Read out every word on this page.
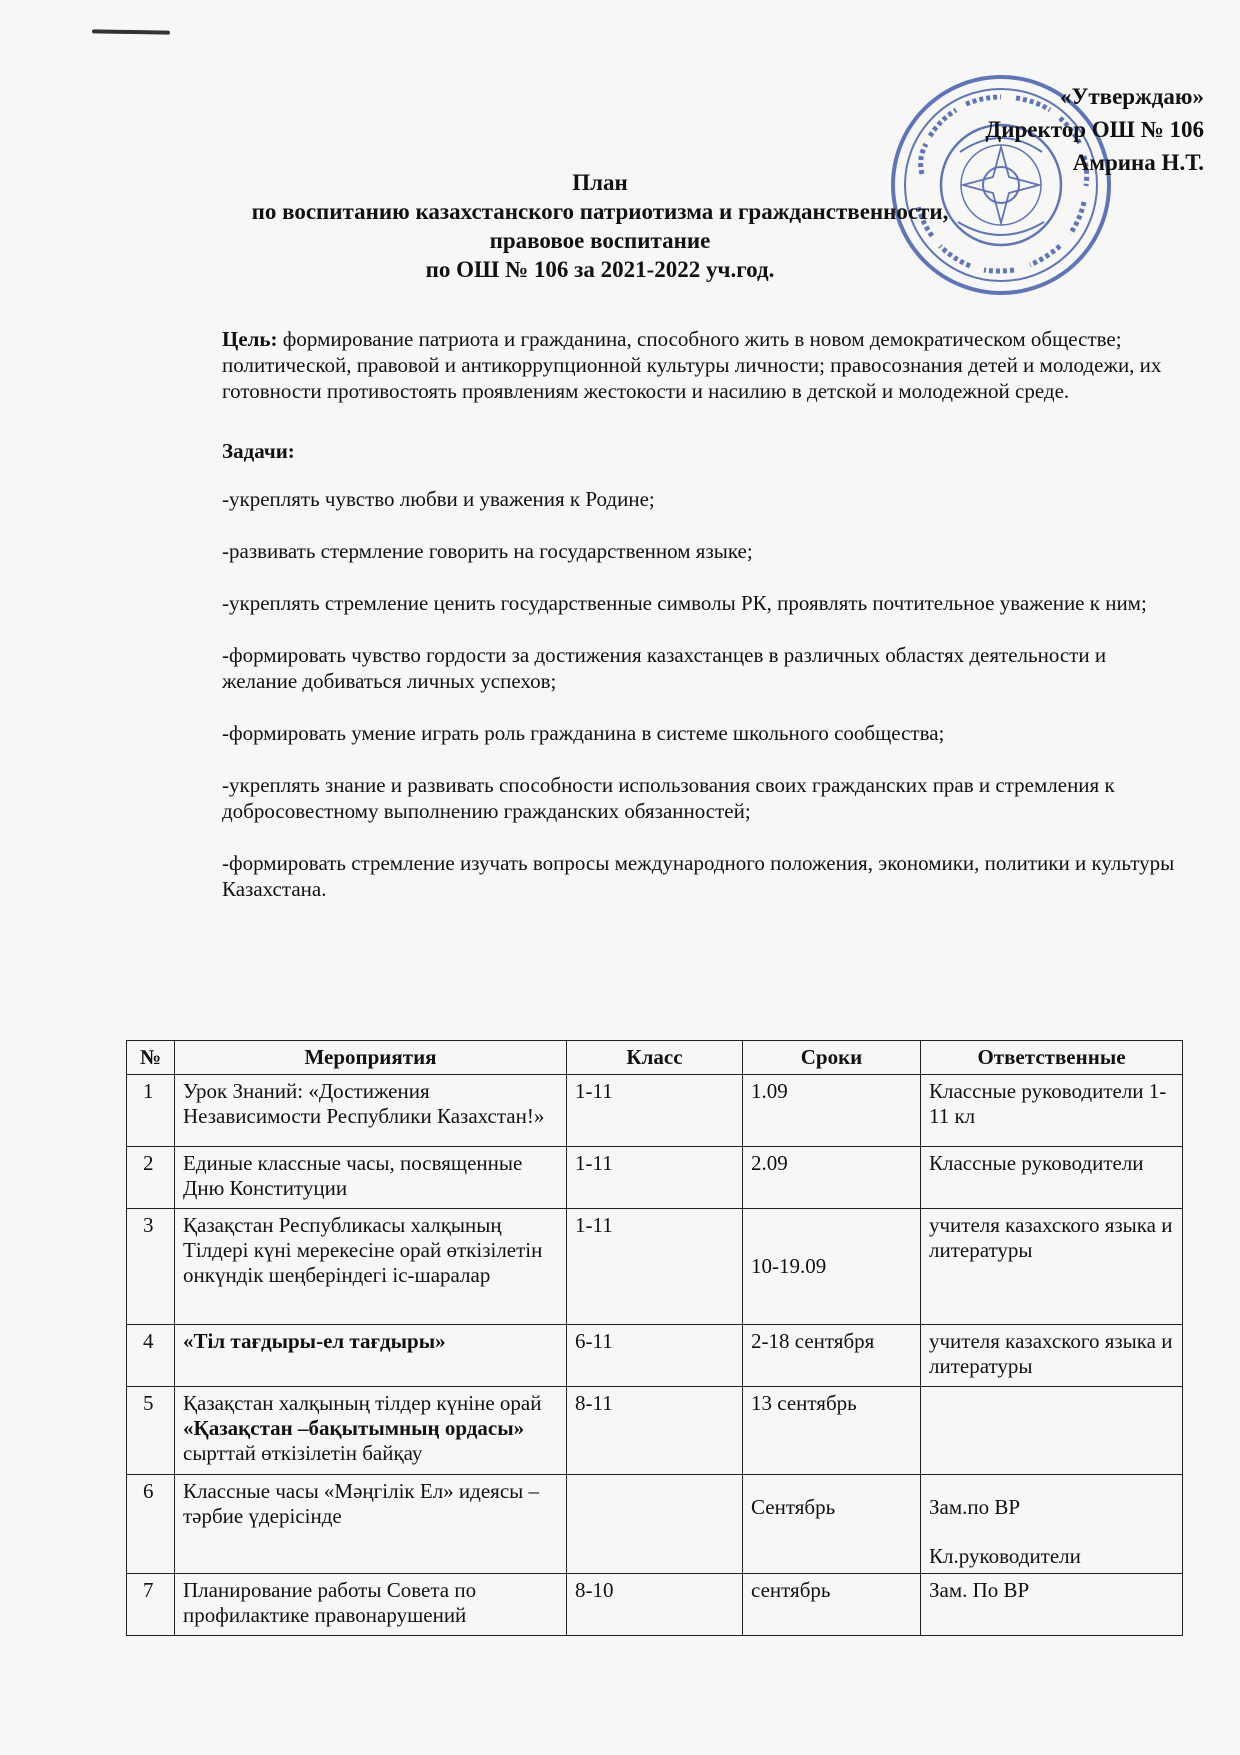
«Утверждаю»
Директор ОШ № 106
Амрина Н.Т.
План
по воспитанию казахстанского патриотизма и гражданственности,
правовое воспитание
по ОШ № 106 за 2021-2022 уч.год.

Цель: формирование патриота и гражданина, способного жить в новом демократическом обществе; политической, правовой и антикоррупционной культуры личности; правосознания детей и молодежи, их готовности противостоять проявлениям жестокости и насилию в детской и молодежной среде.

Задачи:

-укреплять чувство любви и уважения к Родине;

-развивать стермление говорить на государственном языке;

-укреплять стремление ценить государственные символы РК, проявлять почтительное уважение к ним;

-формировать чувство гордости за достижения казахстанцев в различных областях деятельности и желание добиваться личных успехов;

-формировать умение играть роль гражданина в системе школьного сообщества;

-укреплять знание и развивать способности использования своих гражданских прав и стремления к добросовестному выполнению гражданских обязанностей;

-формировать стремление изучать вопросы международного положения, экономики, политики и культуры Казахстана.

№	Мероприятия	Класс	Сроки	Ответственные
1	Урок Знаний: «Достижения Независимости Республики Казахстан!»	1-11	1.09	Классные руководители 1-11 кл
2	Единые классные часы, посвященные Дню Конституции	1-11	2.09	Классные руководители
3	Қазақстан Республикасы халқының Тілдері күні мерекесіне орай өткізілетін онкүндік шеңберіндегі іс-шаралар	1-11	10-19.09	учителя казахского языка и литературы
4	«Тіл тағдыры-ел тағдыры»	6-11	2-18 сентября	учителя казахского языка и литературы
5	Қазақстан халқының тілдер күніне орай «Қазақстан –бақытымның ордасы» сырттай өткізілетін байқау	8-11	13 сентябрь	
6	Классные часы «Мәңгілік Ел» идеясы – тәрбие үдерісінде		Сентябрь	Зам.по ВР
Кл.руководители

7	Планирование работы Совета по профилактике правонарушений	8-10	сентябрь	Зам. По ВР
